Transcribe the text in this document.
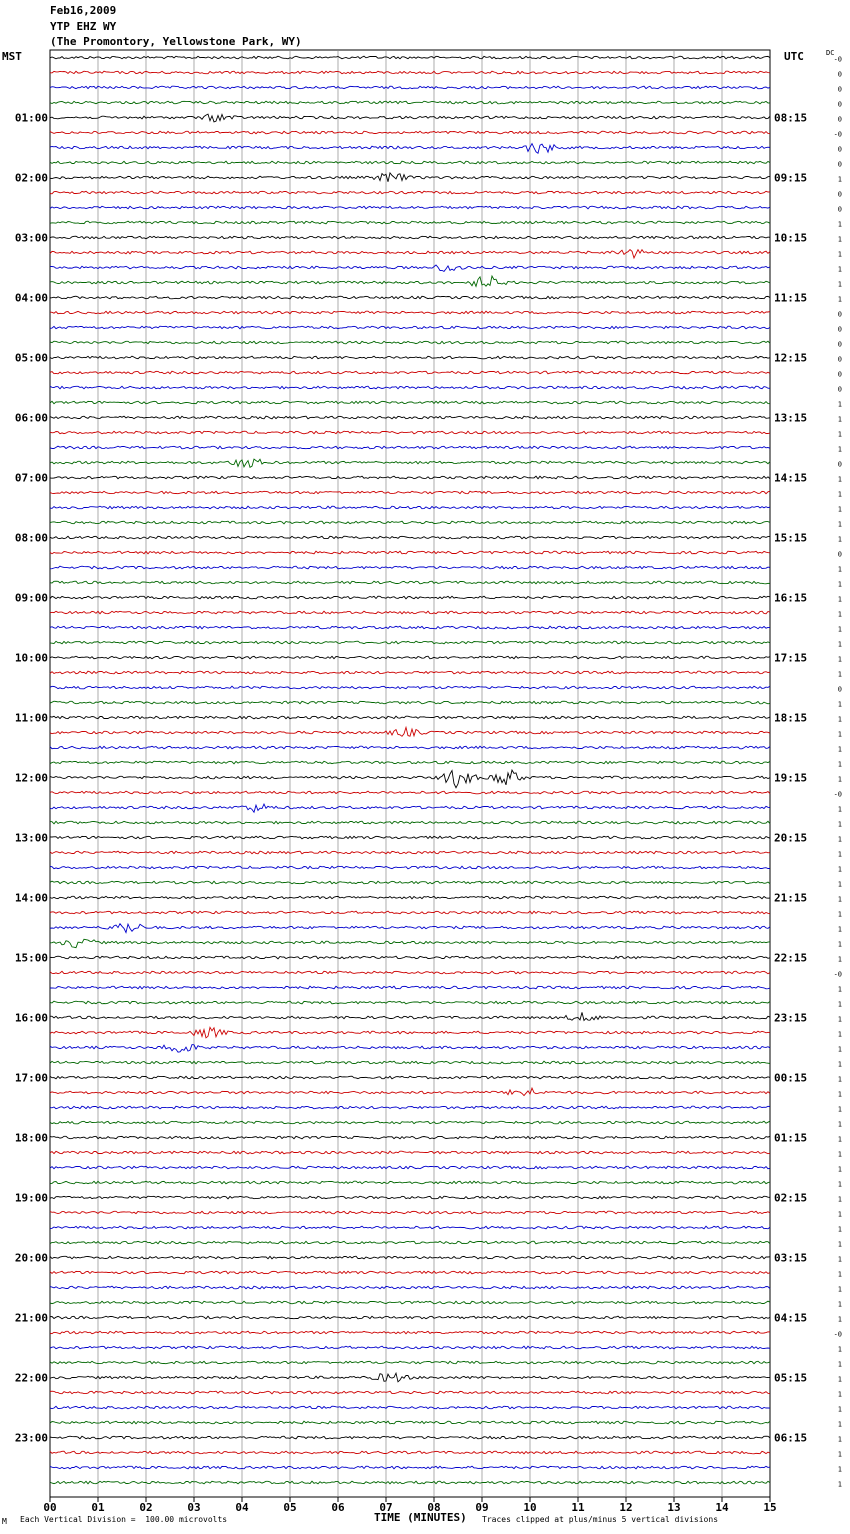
-0
0
0
0
0
-0
0
0
1
0
0
1
1
1
1
1
1
0
0
0
0
0
0
1
1
1
1
0
1
1
1
1
1
0
1
1
1
1
1
1
1
1
0
1
1
1
1
1
1
-0
1
1
1
1
1
1
1
1
1
1
1
-0
1
1
1
1
1
1
1
1
1
1
1
1
1
1
1
1
1
1
1
1
1
1
1
-0
1
1
1
1
1
1
1
1
1
1
01:00
02:00
03:00
04:00
05:00
06:00
07:00
08:00
09:00
10:00
11:00
12:00
13:00
14:00
15:00
16:00
17:00
18:00
19:00
20:00
21:00
22:00
23:00
08:15
09:15
10:15
11:15
12:15
13:15
14:15
15:15
16:15
17:15
18:15
19:15
20:15
21:15
22:15
23:15
00:15
01:15
02:15
03:15
04:15
05:15
06:15
00	01	02	03	04	05	06	07	08	09	10	11	12	13	14	15
Feb16,2009
YTP EHZ WY
(The Promontory, Yellowstone Park, WY)
MST	UTC	DC
M Each Vertical Division =  100.00 microvolts	TIME (MINUTES) Traces clipped at plus/minus 5 vertical divisions
